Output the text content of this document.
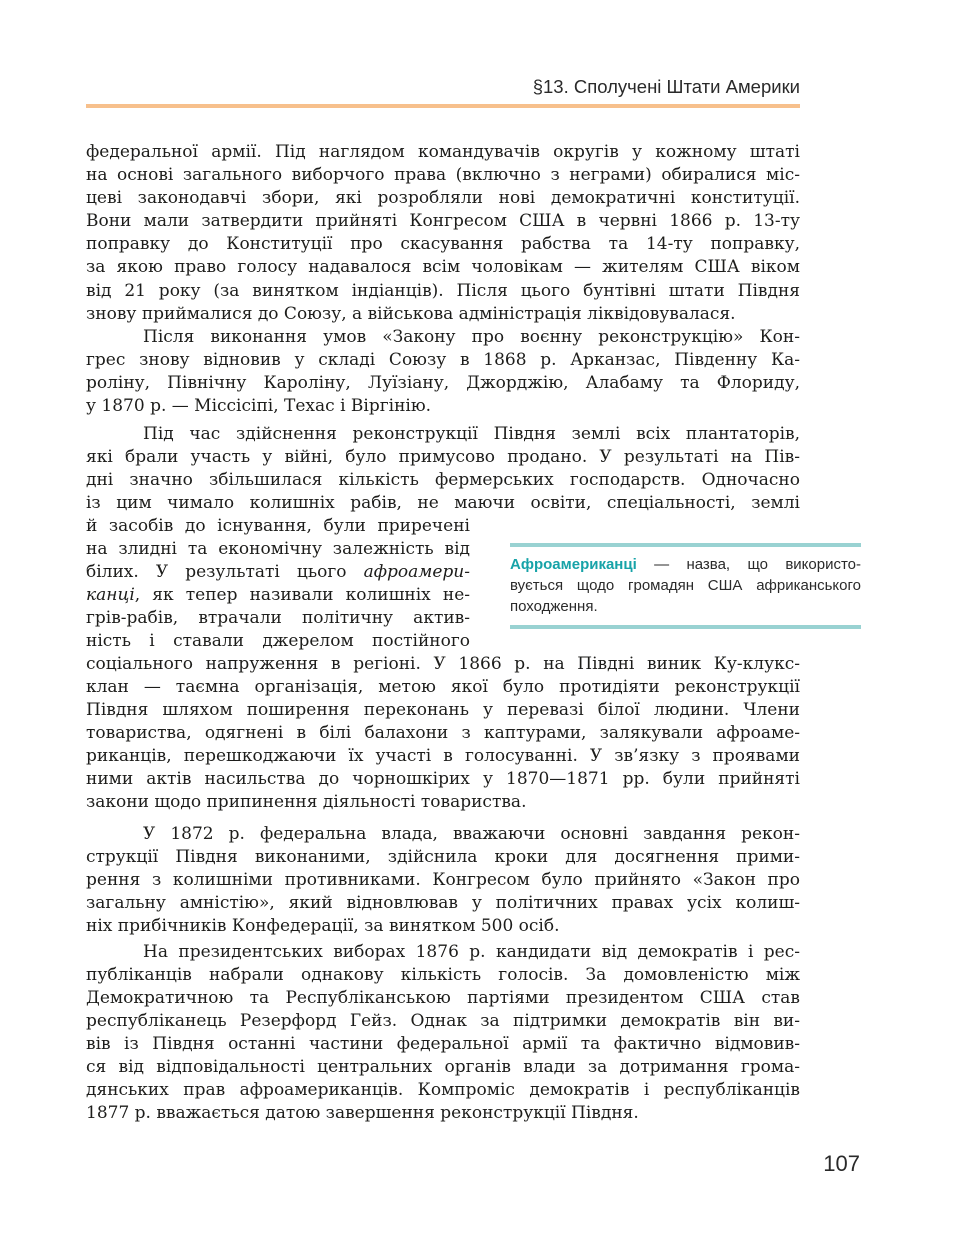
§13. Сполучені Штати Америки
федеральної армії. Під наглядом командувачів округів у кожному штаті
на основі загального виборчого права (включно з неграми) обиралися міс-
цеві законодавчі збори, які розробляли нові демократичні конституції.
Вони мали затвердити прийняті Конгресом США в червні 1866 р. 13-ту
поправку до Конституції про скасування рабства та 14-ту поправку,
за якою право голосу надавалося всім чоловікам — жителям США віком
від 21 року (за винятком індіанців). Після цього бунтівні штати Півдня
знову приймалися до Союзу, а військова адміністрація ліквідовувалася.
Після виконання умов «Закону про воєнну реконструкцію» Кон-
грес знову відновив у складі Союзу в 1868 р. Арканзас, Південну Ка-
роліну, Північну Кароліну, Луїзіану, Джорджію, Алабаму та Флориду,
у 1870 р. — Міссісіпі, Техас і Віргінію.
Під час здійснення реконструкції Півдня землі всіх плантаторів,
які брали участь у війні, було примусово продано. У результаті на Пів-
дні значно збільшилася кількість фермерських господарств. Одночасно
із цим чимало колишніх рабів, не маючи освіти, спеціальності, землі
й засобів до існування, були приречені
на злидні та економічну залежність від
білих. У результаті цього афроамери-
канці, як тепер називали колишніх не-
грів-рабів, втрачали політичну актив-
ність і ставали джерелом постійного
соціального напруження в регіоні. У 1866 р. на Півдні виник Ку-клукс-
клан — таємна організація, метою якої було протидіяти реконструкції
Півдня шляхом поширення переконань у перевазі білої людини. Члени
товариства, одягнені в білі балахони з каптурами, залякували афроаме-
риканців, перешкоджаючи їх участі в голосуванні. У зв’язку з проявами
ними актів насильства до чорношкірих у 1870—1871 рр. були прийняті
закони щодо припинення діяльності товариства.
У 1872 р. федеральна влада, вважаючи основні завдання рекон-
струкції Півдня виконаними, здійснила кроки для досягнення прими-
рення з колишніми противниками. Конгресом було прийнято «Закон про
загальну амністію», який відновлював у політичних правах усіх колиш-
ніх прибічників Конфедерації, за винятком 500 осіб.
На президентських виборах 1876 р. кандидати від демократів і рес-
публіканців набрали однакову кількість голосів. За домовленістю між
Демократичною та Республіканською партіями президентом США став
республіканець Резерфорд Гейз. Однак за підтримки демократів він ви-
вів із Півдня останні частини федеральної армії та фактично відмовив-
ся від відповідальності центральних органів влади за дотримання грома-
дянських прав афроамериканців. Компроміс демократів і республіканців
1877 р. вважається датою завершення реконструкції Півдня.
Афроамериканці — назва, що використо-
вується щодо громадян США африканського
походження.
107
